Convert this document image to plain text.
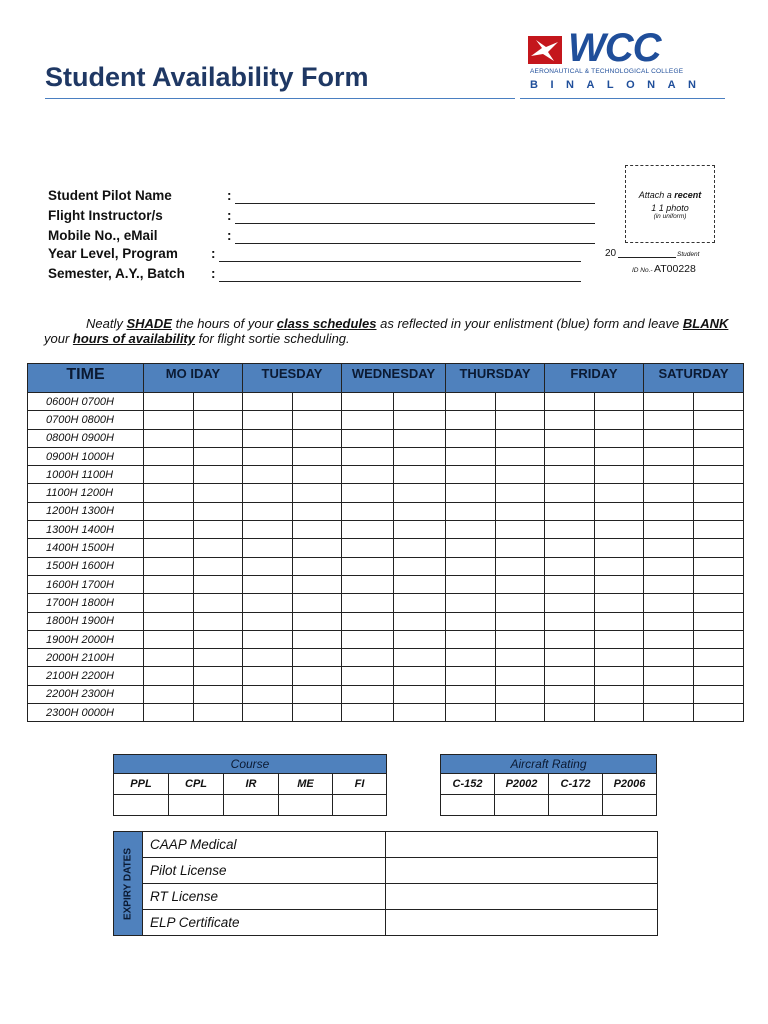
Student Availability Form
WCC
AERONAUTICAL & TECHNOLOGICAL COLLEGE
BINALONAN
Student Pilot Name	:
Flight Instructor/s	:
Mobile No., eMail	:
Year Level, Program :
Semester, A.Y., Batch :
Attach a recent
1 1 photo
(in uniform)
20	Student
ID No.- AT00228
Neatly SHADE the hours of your class schedules as reflected in your enlistment (blue) form and leave BLANK your hours of availability for flight sortie scheduling.
TIME	MO IDAY		TUESDAY		WEDNESDAY		THURSDAY		FRIDAY		SATURDAY	
0600H 0700H												
0700H 0800H												
0800H 0900H												
0900H 1000H												
1000H 1100H												
1100H 1200H												
1200H 1300H												
1300H 1400H												
1400H 1500H												
1500H 1600H												
1600H 1700H												
1700H 1800H												
1800H 1900H												
1900H 2000H												
2000H 2100H												
2100H 2200H												
2200H 2300H												
2300H 0000H												
Course				
PPL	CPL	IR	ME	FI

Aircraft Rating			
C-152	P2002	C-172	P2006

EXPIRY DATES	CAAP Medical	
	Pilot License	
	RT License	
	ELP Certificate	
